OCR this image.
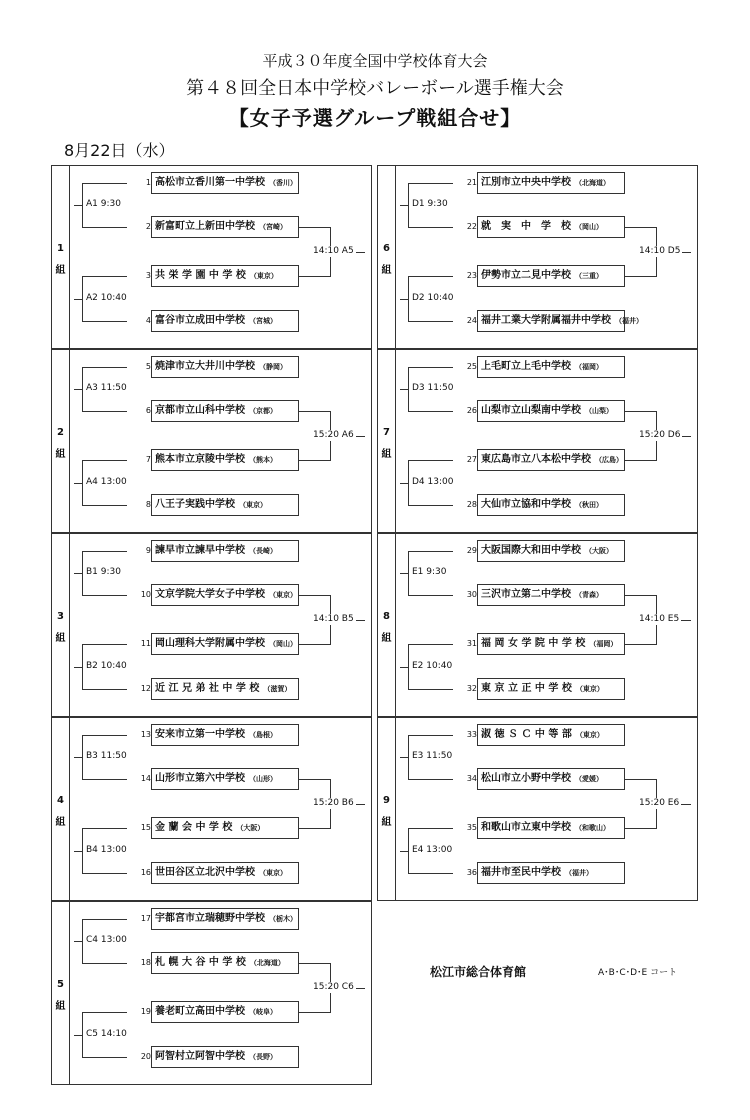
平成３０年度全国中学校体育大会
第４８回全日本中学校バレーボール選手権大会
【女子予選グループ戦組合せ】
8月22日（水）
1
組
A1 9:30
A2 10:40
14:10 A5
1 高松市立香川第一中学校 （香川）
2 新富町立上新田中学校 （宮崎）
3 共 栄 学 園 中 学 校 （東京）
4 富谷市立成田中学校 （宮城）
2
組
A3 11:50
A4 13:00
15:20 A6
5 焼津市立大井川中学校 （静岡）
6 京都市立山科中学校 （京都）
7 熊本市立京陵中学校 （熊本）
8 八王子実践中学校 （東京）
3
組
B1 9:30
B2 10:40
14:10 B5
9 諫早市立諫早中学校 （長崎）
10 文京学院大学女子中学校 （東京）
11 岡山理科大学附属中学校 （岡山）
12 近 江 兄 弟 社 中 学 校 （滋賀）
4
組
B3 11:50
B4 13:00
15:20 B6
13 安来市立第一中学校 （島根）
14 山形市立第六中学校 （山形）
15 金 蘭 会 中 学 校 （大阪）
16 世田谷区立北沢中学校 （東京）
5
組
C4 13:00
C5 14:10
15:20 C6
17 宇都宮市立瑞穂野中学校 （栃木）
18 札 幌 大 谷 中 学 校 （北海道）
19 養老町立高田中学校 （岐阜）
20 阿智村立阿智中学校 （長野）
6
組
D1 9:30
D2 10:40
14:10 D5
21 江別市立中央中学校 （北海道）
22 就　実　中　学　校 （岡山）
23 伊勢市立二見中学校 （三重）
24 福井工業大学附属福井中学校 （福井）
7
組
D3 11:50
D4 13:00
15:20 D6
25 上毛町立上毛中学校 （福岡）
26 山梨市立山梨南中学校 （山梨）
27 東広島市立八本松中学校 （広島）
28 大仙市立協和中学校 （秋田）
8
組
E1 9:30
E2 10:40
14:10 E5
29 大阪国際大和田中学校 （大阪）
30 三沢市立第二中学校 （青森）
31 福 岡 女 学 院 中 学 校 （福岡）
32 東 京 立 正 中 学 校 （東京）
9
組
E3 11:50
E4 13:00
15:20 E6
33 淑 徳 Ｓ Ｃ 中 等 部 （東京）
34 松山市立小野中学校 （愛媛）
35 和歌山市立東中学校 （和歌山）
36 福井市至民中学校 （福井）
松江市総合体育館	A･B･C･D･E コート
